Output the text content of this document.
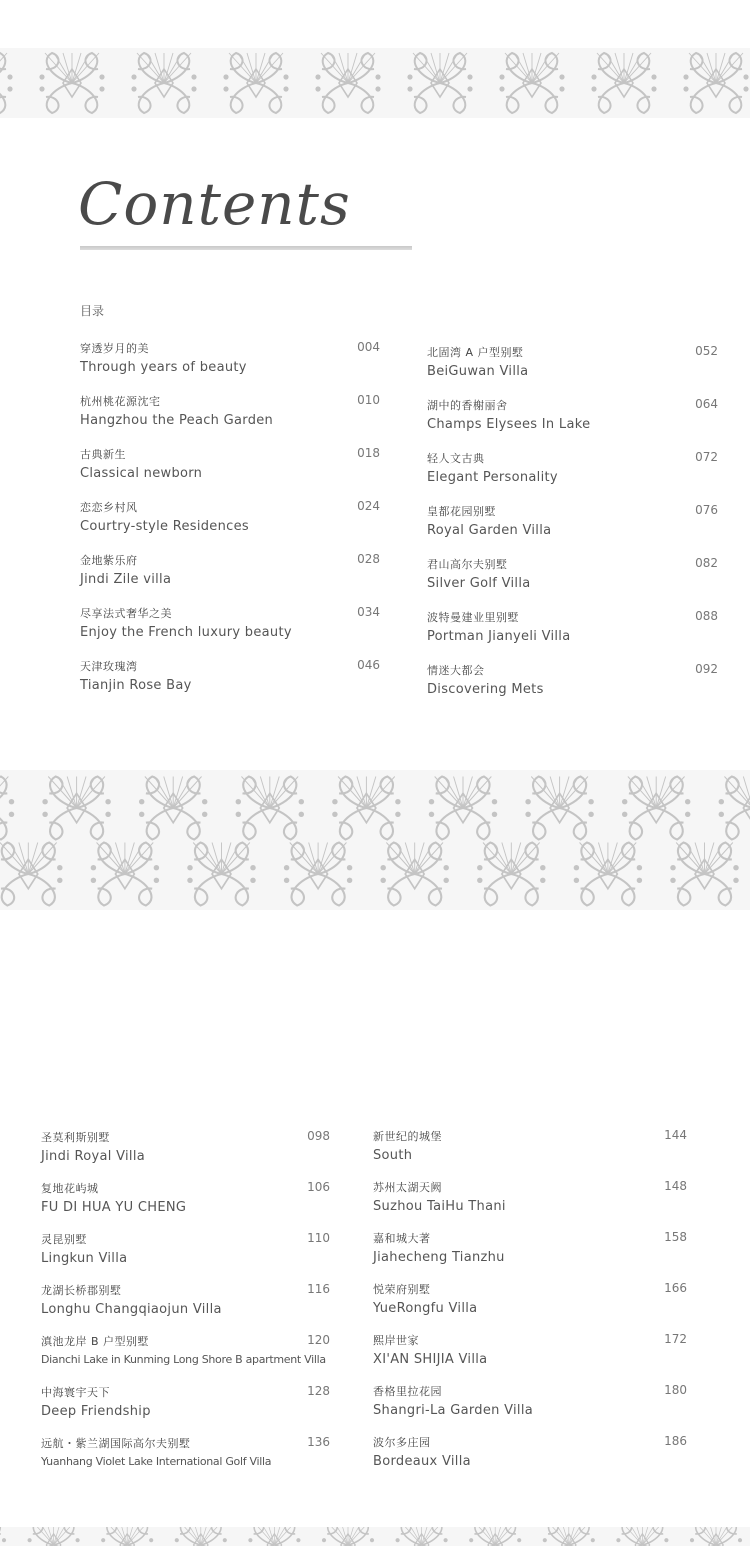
Contents
目录
穿透岁月的美	004
Through years of beauty
杭州桃花源沈宅	010
Hangzhou the Peach Garden
古典新生	018
Classical newborn
恋恋乡村风	024
Courtry-style Residences
金地紫乐府	028
Jindi Zile villa
尽享法式奢华之美	034
Enjoy the French luxury beauty
天津玫瑰湾	046
Tianjin Rose Bay
北固湾 A 户型别墅	052
BeiGuwan Villa
湖中的香榭丽舍	064
Champs Elysees In Lake
轻人文古典	072
Elegant Personality
皇都花园别墅	076
Royal Garden Villa
君山高尔夫别墅	082
Silver Golf Villa
波特曼建业里别墅	088
Portman Jianyeli Villa
情迷大都会	092
Discovering Mets
圣莫利斯别墅	098
Jindi Royal Villa
复地花屿城	106
FU DI HUA YU CHENG
灵昆别墅	110
Lingkun Villa
龙湖长桥郡别墅	116
Longhu Changqiaojun Villa
滇池龙岸 B 户型别墅	120
Dianchi Lake in Kunming Long Shore B apartment Villa
中海寰宇天下	128
Deep Friendship
远航・紫兰湖国际高尔夫别墅	136
Yuanhang Violet Lake International Golf Villa
新世纪的城堡	144
South
苏州太湖天阙	148
Suzhou TaiHu Thani
嘉和城大著	158
Jiahecheng Tianzhu
悦荣府别墅	166
YueRongfu Villa
熙岸世家	172
XI'AN SHIJIA Villa
香格里拉花园	180
Shangri-La Garden Villa
波尔多庄园	186
Bordeaux Villa
